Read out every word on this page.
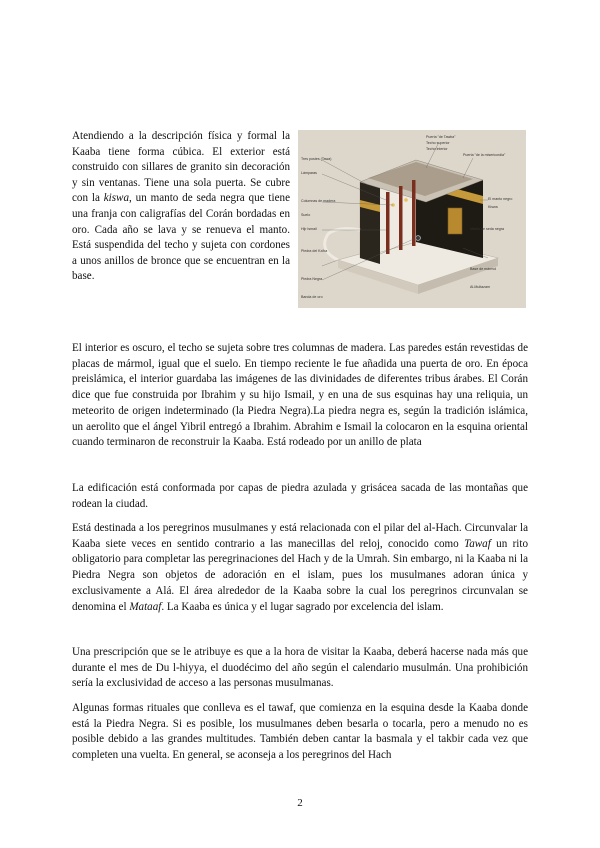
Atendiendo a la descripción física y formal la Kaaba tiene forma cúbica. El exterior está construido con sillares de granito sin decoración y sin ventanas. Tiene una sola puerta. Se cubre con la kiswa, un manto de seda negra que tiene una franja con caligrafías del Corán bordadas en oro. Cada año se lava y se renueva el manto. Está suspendida del techo y sujeta con cordones a unos anillos de bronce que se encuentran en la base.

Puerta "de Tawba"
Techo superior
Techo interior
Puerta "de la misericordia"
Tres postes (Tawa)
Lámparas
Columnas de madera
Suelo
Hijr Ismail
Piedra del Ka'ba
Piedra Negra
Banda de oro
El manto negro
Kiswa
Manto de seda negra
Base de mármol
Al-Multazam

El interior es oscuro, el techo se sujeta sobre tres columnas de madera. Las paredes están revestidas de placas de mármol, igual que el suelo. En tiempo reciente le fue añadida una puerta de oro. En época preislámica, el interior guardaba las imágenes de las divinidades de diferentes tribus árabes. El Corán dice que fue construida por Ibrahim y su hijo Ismail, y en una de sus esquinas hay una reliquia, un meteorito de origen indeterminado (la Piedra Negra).La piedra negra es, según la tradición islámica, un aerolito que el ángel Yibril entregó a Ibrahim. Abrahim e Ismail la colocaron en la esquina oriental cuando terminaron de reconstruir la Kaaba. Está rodeado por un anillo de plata

La edificación está conformada por capas de piedra azulada y grisácea sacada de las montañas que rodean la ciudad.

Está destinada a los peregrinos musulmanes y está relacionada con el pilar del al-Hach. Circunvalar la Kaaba siete veces en sentido contrario a las manecillas del reloj, conocido como Tawaf un rito obligatorio para completar las peregrinaciones del Hach y de la Umrah. Sin embargo, ni la Kaaba ni la Piedra Negra son objetos de adoración en el islam, pues los musulmanes adoran única y exclusivamente a Alá. El área alrededor de la Kaaba sobre la cual los peregrinos circunvalan se denomina el Mataaf. La Kaaba es única y el lugar sagrado por excelencia del islam.

Una prescripción que se le atribuye es que a la hora de visitar la Kaaba, deberá hacerse nada más que durante el mes de Du l-hiyya, el duodécimo del año según el calendario musulmán. Una prohibición sería la exclusividad de acceso a las personas musulmanas.

Algunas formas rituales que conlleva es el tawaf, que comienza en la esquina desde la Kaaba donde está la Piedra Negra. Si es posible, los musulmanes deben besarla o tocarla, pero a menudo no es posible debido a las grandes multitudes. También deben cantar la basmala y el takbir cada vez que completen una vuelta. En general, se aconseja a los peregrinos del Hach

2
